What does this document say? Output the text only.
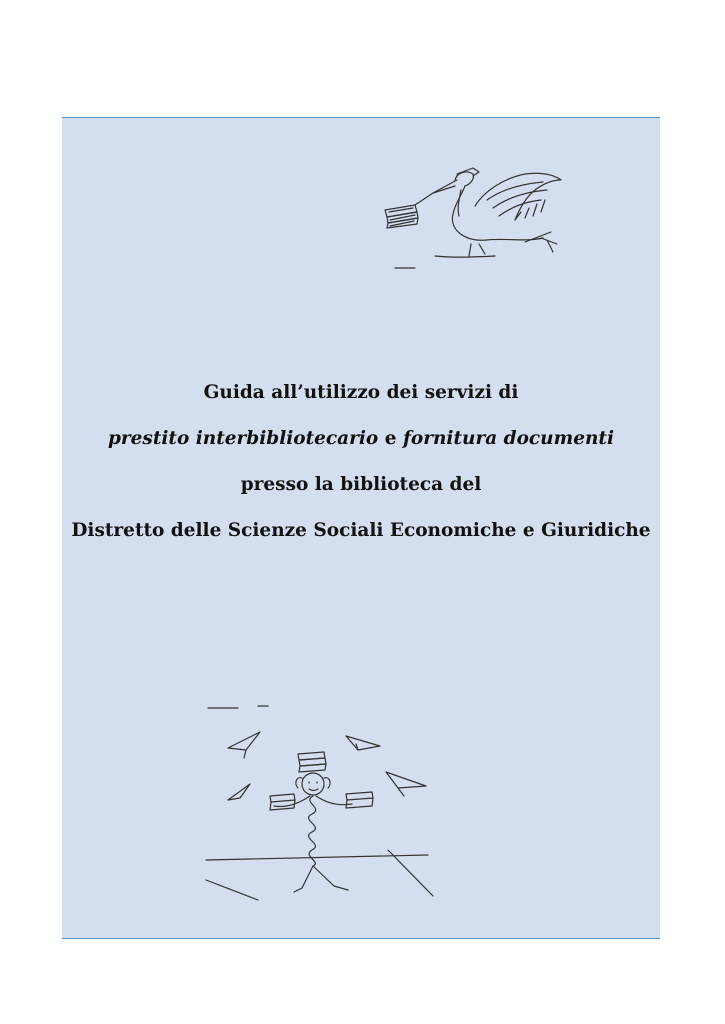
Guida all’utilizzo dei servizi di
prestito interbibliotecario e fornitura documenti
presso la biblioteca del
Distretto delle Scienze Sociali Economiche e Giuridiche
